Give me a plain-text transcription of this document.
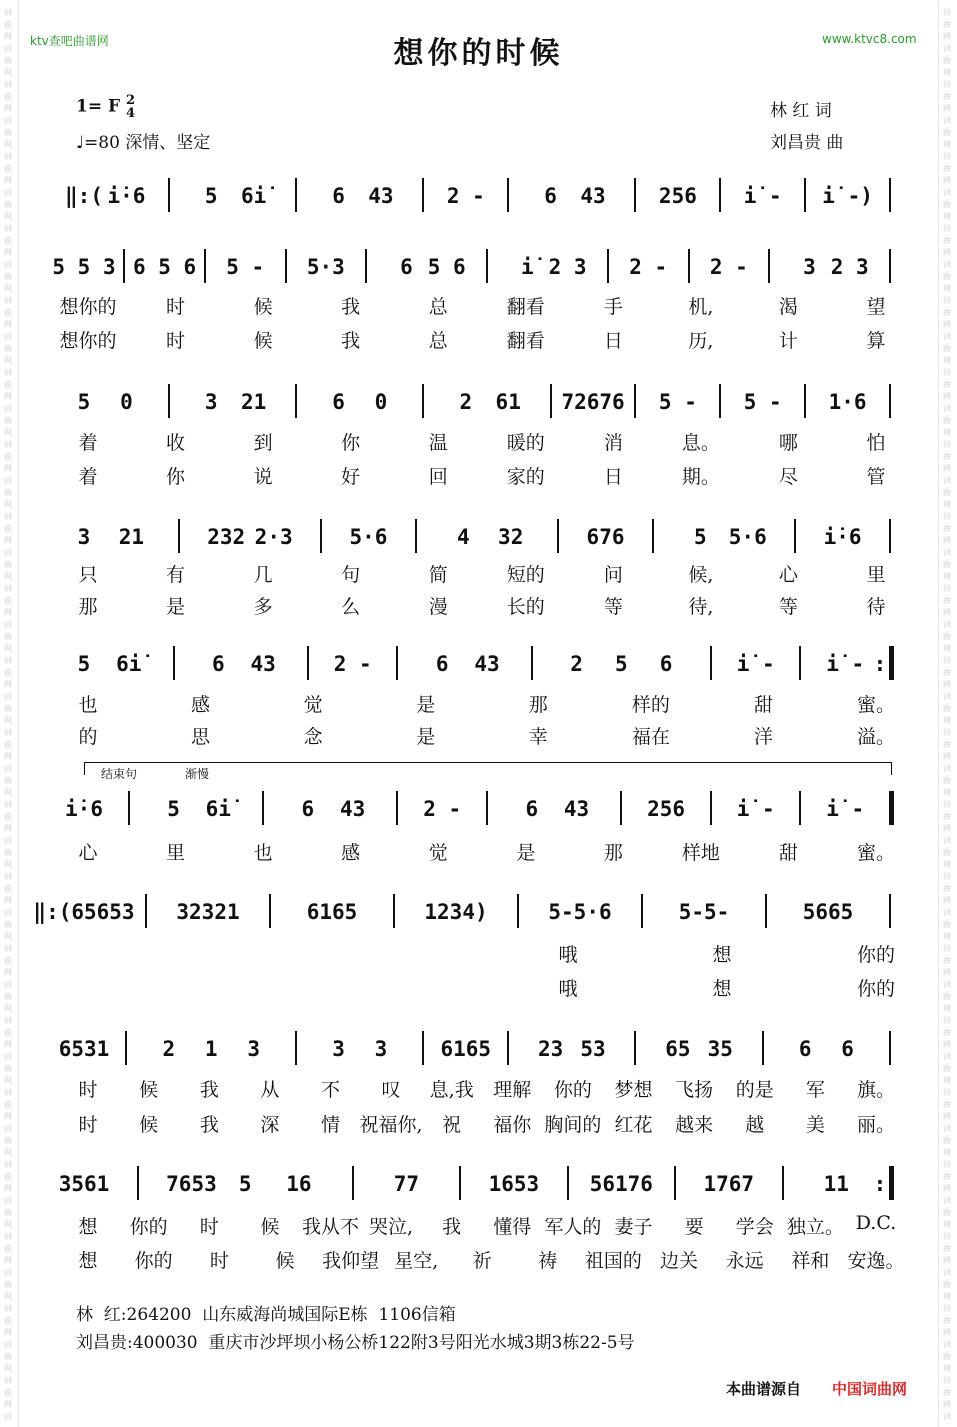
词
曲
网
词
曲
网
词
曲
网
词
曲
网
词
曲
网
词
曲
网
词
曲
网
词
曲
网
词
曲
网
词
曲
网
词
曲
网
词
曲
网
词
曲
网
词
曲
网
词
曲
网
词
曲
网
词
曲
网
词
曲
网
词
曲
网
词
曲
网
词
曲
网
词
曲
网
词
曲
网
词
曲
网
词
曲
网
词
曲
网
词
曲
网
词
曲
网
词
曲
网
词
曲
网
词
曲
网
词
曲
网
词
曲
网
词
曲
网
词
曲
网
词
曲
网
词
曲
网
词
曲
网
词
曲
网
词
词
曲
网
词
曲
网
词
曲
网
词
曲
网
词
曲
网
词
曲
网
词
曲
网
词
曲
网
词
曲
网
词
曲
网
词
曲
网
词
曲
网
词
曲
网
词
曲
网
词
曲
网
词
曲
网
词
曲
网
词
曲
网
词
曲
网
词
曲
网
词
曲
网
词
曲
网
词
曲
网
词
曲
网
词
曲
网
词
曲
网
词
曲
网
词
曲
网
词
曲
网
词
曲
网
词
曲
网
词
曲
网
词
曲
网
词
曲
网
词
曲
网
词
曲
网
词
曲
网
词
曲
网
词
曲
网
词
ktv查吧曲谱网	www.ktvc8.com
想你的时候
1= F 2
4
♩=80 深情、坚定
林 红 词
刘昌贵 曲
结束句	渐慢
‖:( i̇·6	5 6i̇	6 43	2 -	6 43	256 i̇ - i̇ -)
5 5 3 6 5 6 5 - 5·3	6 5 6	i̇ 2 3 2 - 2 -	3 2 3
想你的	时	候	我	总	翻看	手	机,	渴	望
想你的	时	候	我	总	翻看	日	历,	计	算
5 0	3 21	6 0	2 61 72676 5 - 5 - 1·6
着	收	到	你	温	暖的	消	息。	哪	怕
着	你	说	好	回	家的	日	期。	尽	管
3 21	232 2·3	5·6	4 32	676	5 5·6	i̇·6
只	有	几	句	简	短的	问	候,	心	里
那	是	多	么	漫	长的	等	待,	等	待
5 6i̇	6 43	2 -	6 43	2 5 6	i̇ - i̇ - :
也	感	觉	是	那	样的	甜	蜜。
的	思	念	是	幸	福在	洋	溢。
i̇·6	5 6i̇	6 43	2 -	6 43	256 i̇ - i̇ -
心	里	也	感	觉	是	那	样地	甜	蜜。
‖:(65653 32321	6165	1234)	5-5·6	5-5-	5665
哦	想	你的
哦	想	你的
6531	2 1 3	3 3	6165 23 53	65 35	6 6
时 候 我 从 不 叹 息,我 理解 你的 梦想 飞扬 的是 军 旗。
时 候 我 深 情 祝福你, 祝 福你 胸间的 红花 越来 越 美 丽。
3561	7653 5 16	77	1653 56176 1767	11 :
想 你的 时 候 我从不 哭泣, 我 懂得 军人的 妻子 要 学会 独立。 D.C.
想 你的 时 候 我仰望 星空, 祈 祷 祖国的 边关 永远 祥和 安逸。
林  红:264200  山东威海尚城国际E栋  1106信箱
刘昌贵:400030  重庆市沙坪坝小杨公桥122附3号阳光水城3期3栋22-5号
本曲谱源自 中国词曲网
